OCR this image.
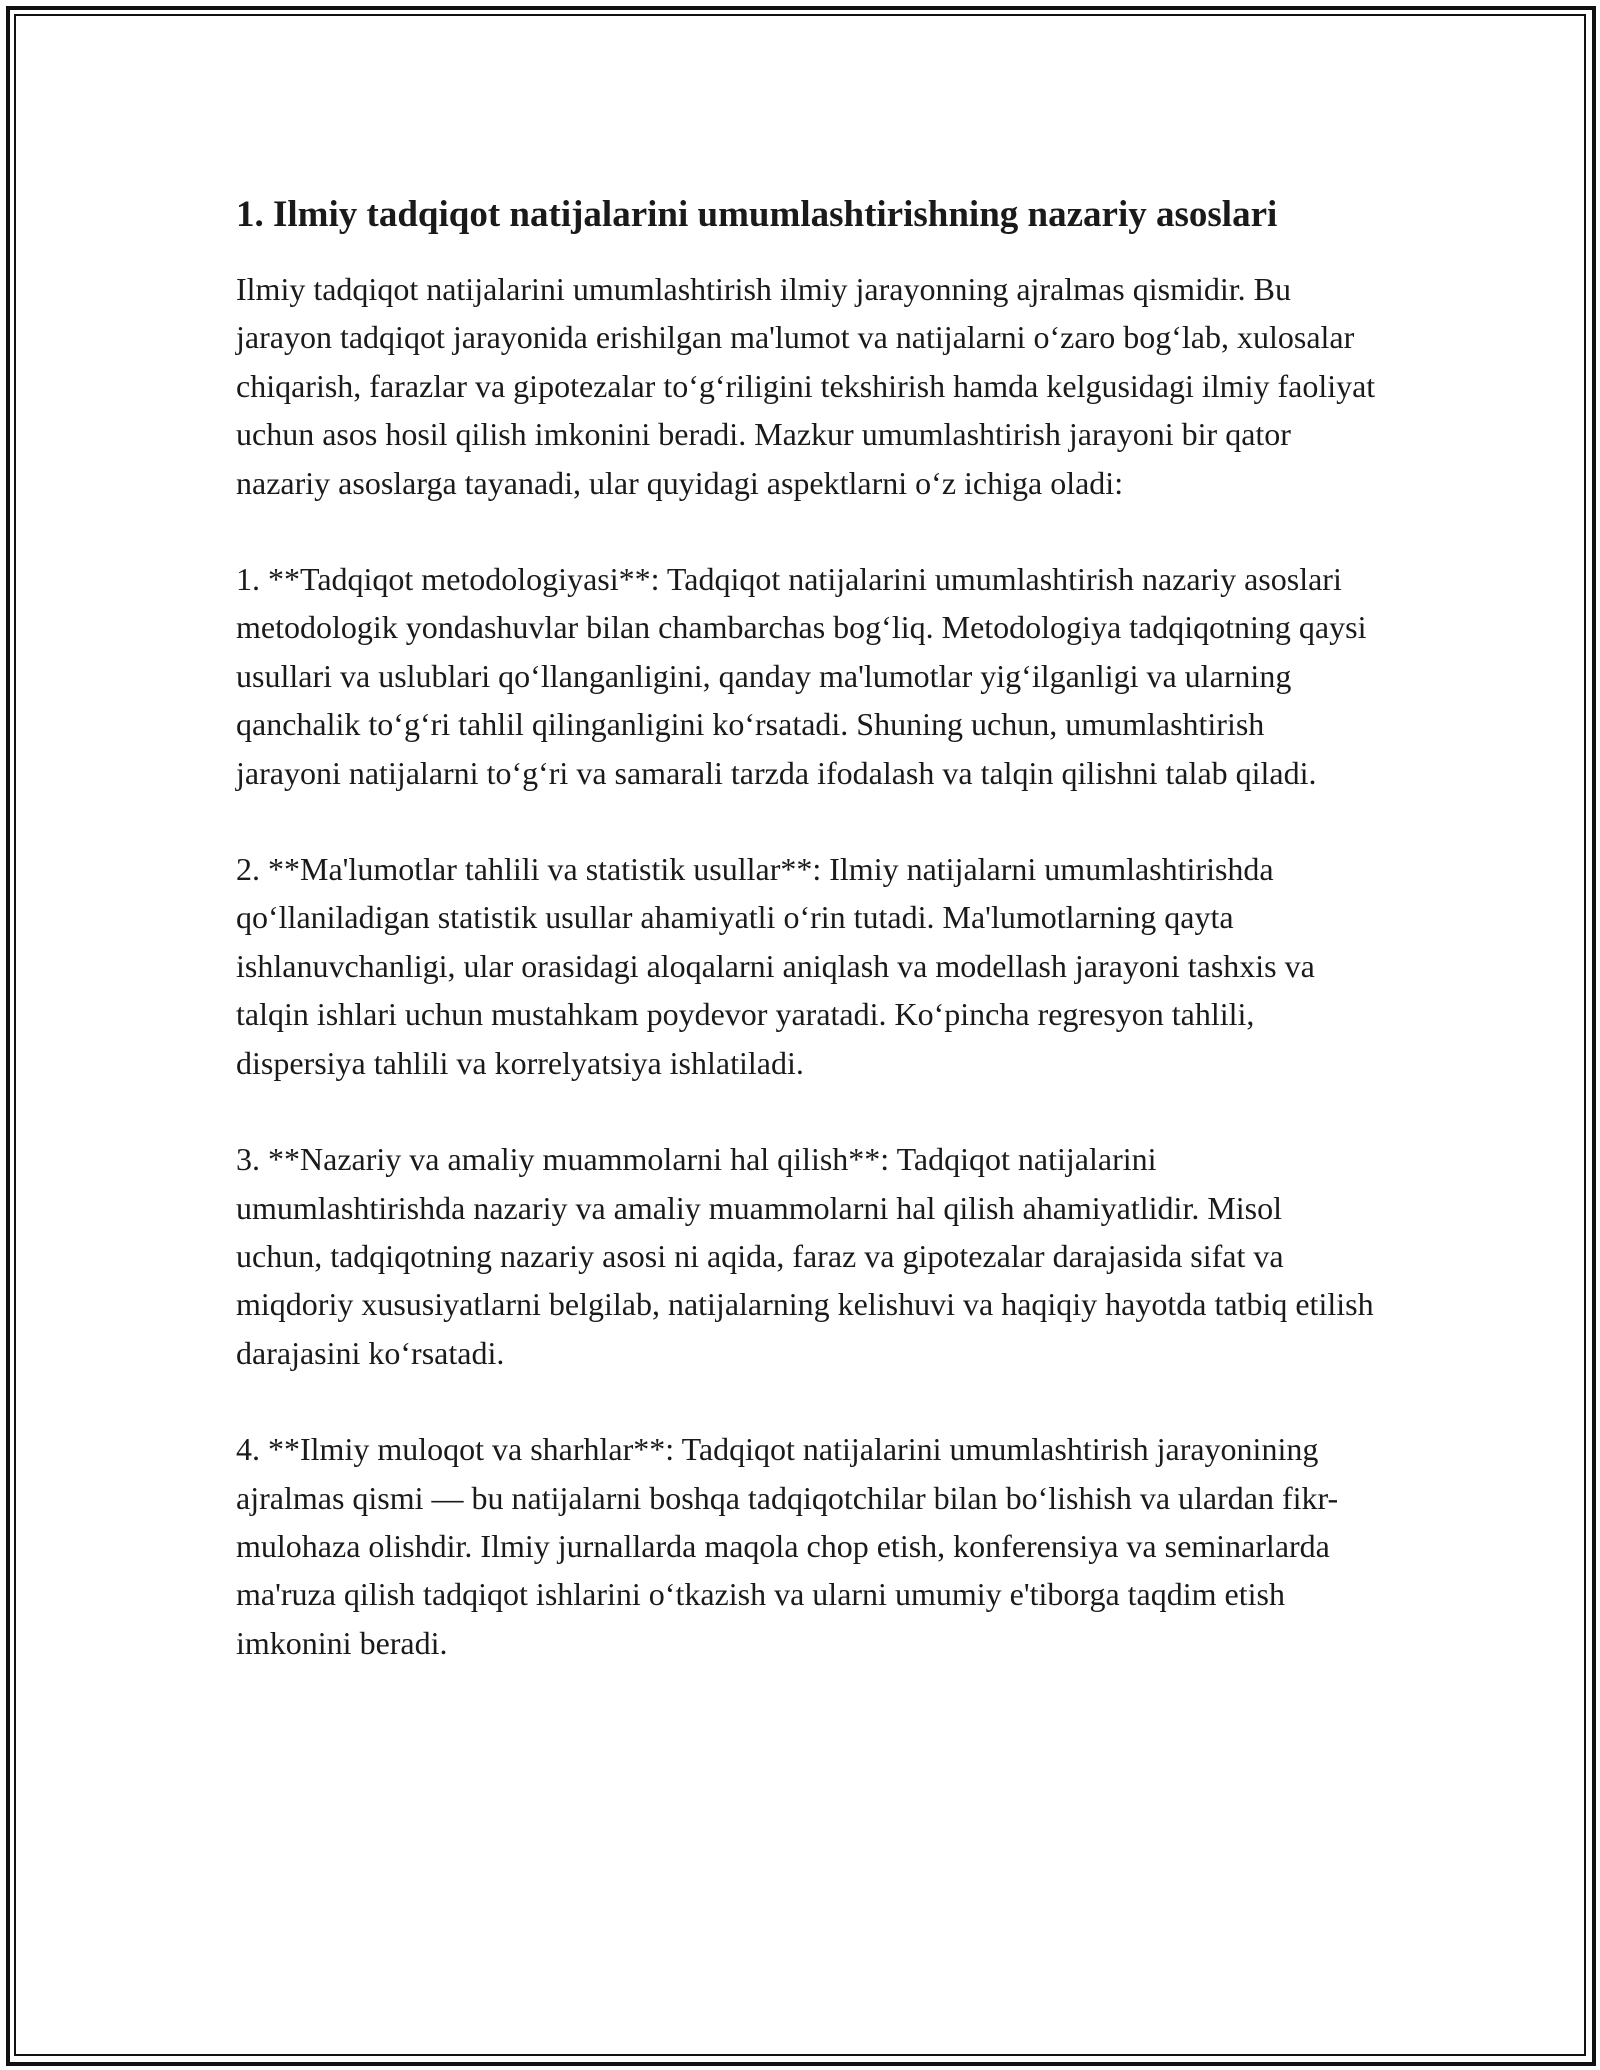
1. Ilmiy tadqiqot natijalarini umumlashtirishning nazariy asoslari

Ilmiy tadqiqot natijalarini umumlashtirish ilmiy jarayonning ajralmas qismidir. Bu jarayon tadqiqot jarayonida erishilgan ma'lumot va natijalarni o‘zaro bog‘lab, xulosalar chiqarish, farazlar va gipotezalar to‘g‘riligini tekshirish hamda kelgusidagi ilmiy faoliyat uchun asos hosil qilish imkonini beradi. Mazkur umumlashtirish jarayoni bir qator nazariy asoslarga tayanadi, ular quyidagi aspektlarni o‘z ichiga oladi:

1. **Tadqiqot metodologiyasi**: Tadqiqot natijalarini umumlashtirish nazariy asoslari metodologik yondashuvlar bilan chambarchas bog‘liq. Metodologiya tadqiqotning qaysi usullari va uslublari qo‘llanganligini, qanday ma'lumotlar yig‘ilganligi va ularning qanchalik to‘g‘ri tahlil qilinganligini ko‘rsatadi. Shuning uchun, umumlashtirish jarayoni natijalarni to‘g‘ri va samarali tarzda ifodalash va talqin qilishni talab qiladi.

2. **Ma'lumotlar tahlili va statistik usullar**: Ilmiy natijalarni umumlashtirishda qo‘llaniladigan statistik usullar ahamiyatli o‘rin tutadi. Ma'lumotlarning qayta ishlanuvchanligi, ular orasidagi aloqalarni aniqlash va modellash jarayoni tashxis va talqin ishlari uchun mustahkam poydevor yaratadi. Ko‘pincha regresyon tahlili, dispersiya tahlili va korrelyatsiya ishlatiladi.

3. **Nazariy va amaliy muammolarni hal qilish**: Tadqiqot natijalarini umumlashtirishda nazariy va amaliy muammolarni hal qilish ahamiyatlidir. Misol uchun, tadqiqotning nazariy asosi ni aqida, faraz va gipotezalar darajasida sifat va miqdoriy xususiyatlarni belgilab, natijalarning kelishuvi va haqiqiy hayotda tatbiq etilish darajasini ko‘rsatadi.

4. **Ilmiy muloqot va sharhlar**: Tadqiqot natijalarini umumlashtirish jarayonining ajralmas qismi — bu natijalarni boshqa tadqiqotchilar bilan bo‘lishish va ulardan fikr-mulohaza olishdir. Ilmiy jurnallarda maqola chop etish, konferensiya va seminarlarda ma'ruza qilish tadqiqot ishlarini o‘tkazish va ularni umumiy e'tiborga taqdim etish imkonini beradi.
